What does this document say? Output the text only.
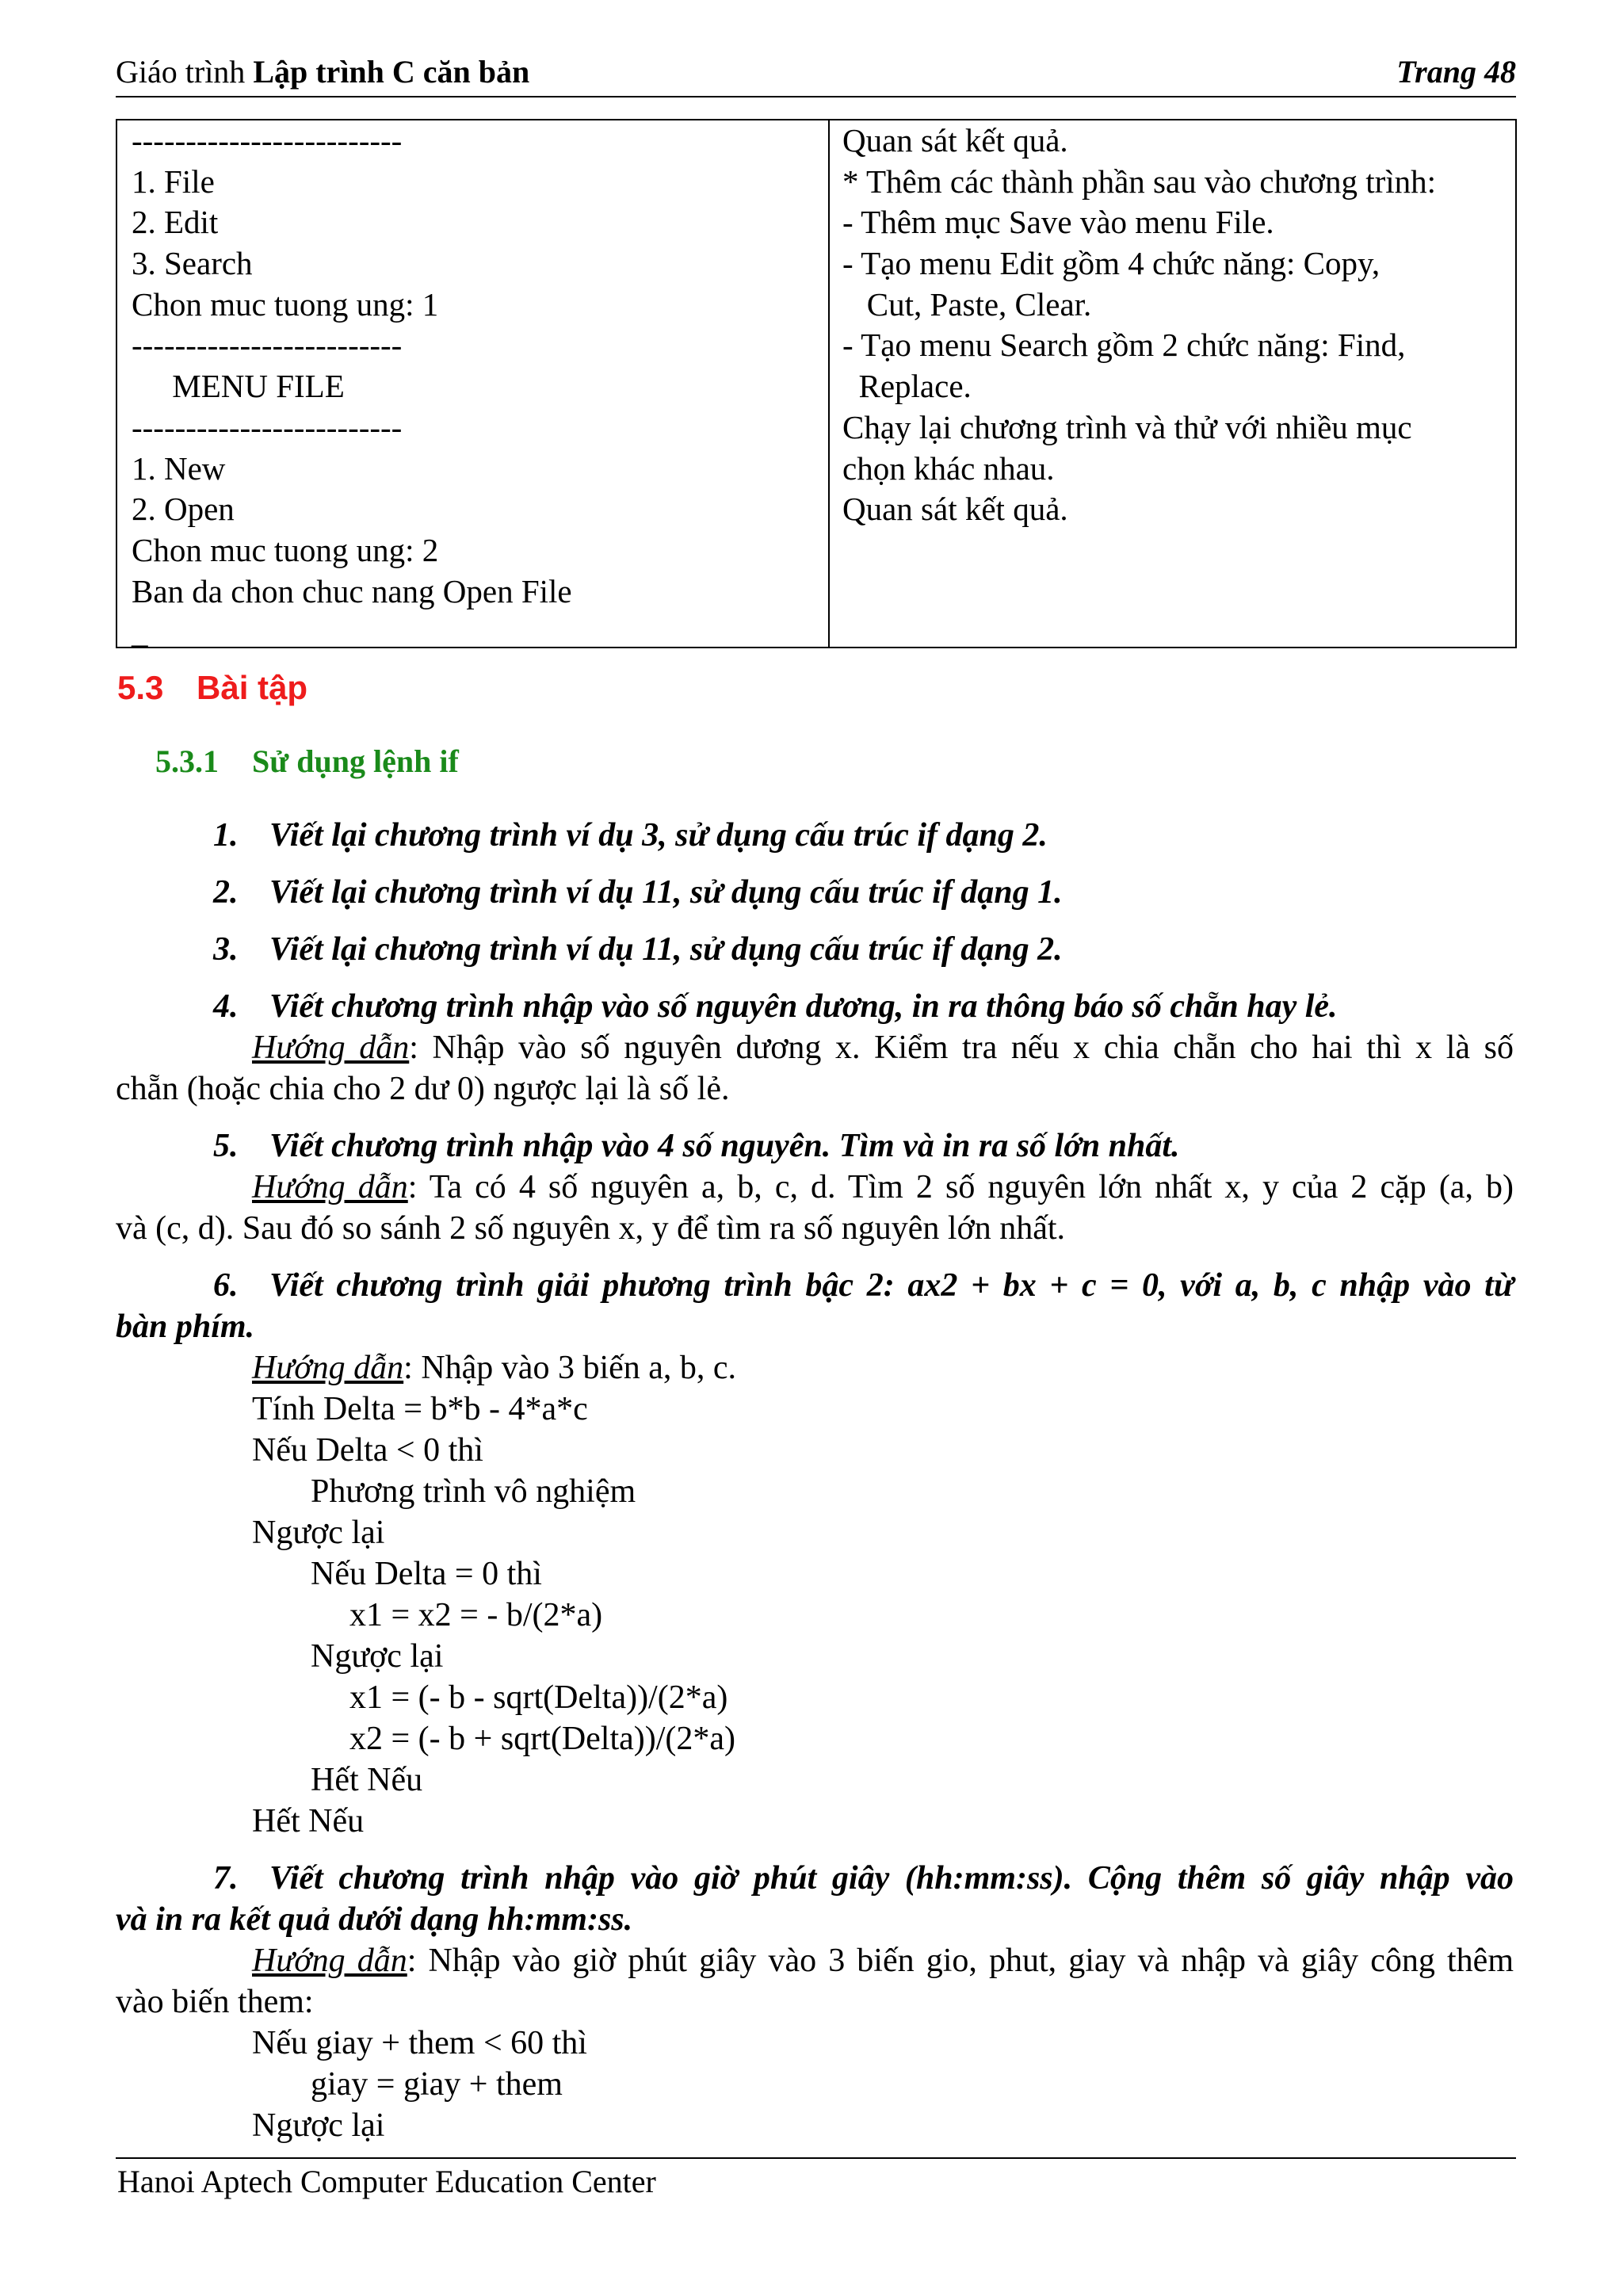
Giáo trình Lập trình C căn bản	Trang 48
-------------------------
1. File
2. Edit
3. Search
Chon muc tuong ung: 1
-------------------------
MENU FILE
-------------------------
1. New
2. Open
Chon muc tuong ung: 2
Ban da chon chuc nang Open File
_
Quan sát kết quả.
* Thêm các thành phần sau vào chương trình:
- Thêm mục Save vào menu File.
- Tạo menu Edit gồm 4 chức năng: Copy,
Cut, Paste, Clear.
- Tạo menu Search gồm 2 chức năng: Find,
Replace.
Chạy lại chương trình và thử với nhiều mục
chọn khác nhau.
Quan sát kết quả.
5.3 Bài tập
5.3.1 Sử dụng lệnh if
1. Viết lại chương trình ví dụ 3, sử dụng cấu trúc if dạng 2.
2. Viết lại chương trình ví dụ 11, sử dụng cấu trúc if dạng 1.
3. Viết lại chương trình ví dụ 11, sử dụng cấu trúc if dạng 2.
4. Viết chương trình nhập vào số nguyên dương, in ra thông báo số chẵn hay lẻ.
Hướng dẫn: Nhập vào số nguyên dương x. Kiểm tra nếu x chia chẵn cho hai thì x là số
chẵn (hoặc chia cho 2 dư 0) ngược lại là số lẻ.
5. Viết chương trình nhập vào 4 số nguyên. Tìm và in ra số lớn nhất.
Hướng dẫn: Ta có 4 số nguyên a, b, c, d. Tìm 2 số nguyên lớn nhất x, y của 2 cặp (a, b)
và (c, d). Sau đó so sánh 2 số nguyên x, y để tìm ra số nguyên lớn nhất.
6. Viết chương trình giải phương trình bậc 2: ax2 + bx + c = 0, với a, b, c nhập vào từ
bàn phím.
Hướng dẫn: Nhập vào 3 biến a, b, c.
Tính Delta = b*b - 4*a*c
Nếu Delta < 0 thì
Phương trình vô nghiệm
Ngược lại
Nếu Delta = 0 thì
x1 = x2 = - b/(2*a)
Ngược lại
x1 = (- b - sqrt(Delta))/(2*a)
x2 = (- b + sqrt(Delta))/(2*a)
Hết Nếu
Hết Nếu
7. Viết chương trình nhập vào giờ phút giây (hh:mm:ss). Cộng thêm số giây nhập vào
và in ra kết quả dưới dạng hh:mm:ss.
Hướng dẫn: Nhập vào giờ phút giây vào 3 biến gio, phut, giay và nhập và giây công thêm
vào biến them:
Nếu giay + them < 60 thì
giay = giay + them
Ngược lại
Hanoi Aptech Computer Education Center
